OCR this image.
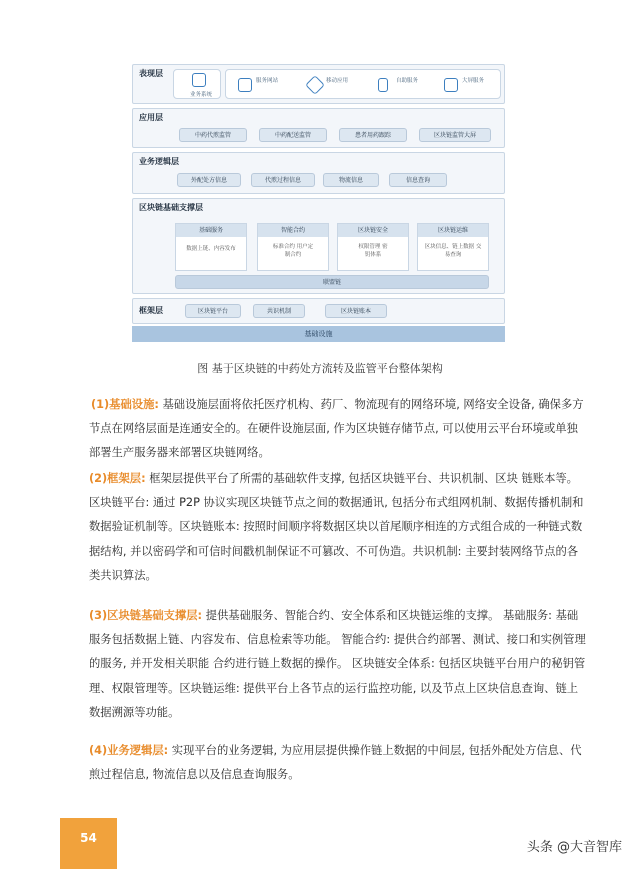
表现层
业务系统
服务网站	移动应用	自助服务	大屏服务
应用层
中药代煎监管	中药配送监管	患者用药跟踪	区块链监管大屏
业务逻辑层
外配处方信息	代煎过程信息	物流信息	信息查询
区块链基础支撑层
基础服务
数据上链、内容发布
智能合约
标准合约 用户定制合约
区块链安全
权限管理 密钥体系
区块链运维
区块信息、链上数据 交易查询
联盟链
框架层	区块链平台	共识机制	区块链账本
基础设施
图 基于区块链的中药处方流转及监管平台整体架构
(1)基础设施: 基础设施层面将依托医疗机构、药厂、物流现有的网络环境, 网络安全设备, 确保多方节点在网络层面是连通安全的。在硬件设施层面, 作为区块链存储节点, 可以使用云平台环境或单独部署生产服务器来部署区块链网络。
(2)框架层: 框架层提供平台了所需的基础软件支撑, 包括区块链平台、共识机制、区块 链账本等。区块链平台: 通过 P2P 协议实现区块链节点之间的数据通讯, 包括分布式组网机制、数据传播机制和数据验证机制等。区块链账本: 按照时间顺序将数据区块以首尾顺序相连的方式组合成的一种链式数据结构, 并以密码学和可信时间戳机制保证不可篡改、不可伪造。共识机制: 主要封装网络节点的各类共识算法。
(3)区块链基础支撑层: 提供基础服务、智能合约、安全体系和区块链运维的支撑。 基础服务: 基础服务包括数据上链、内容发布、信息检索等功能。 智能合约: 提供合约部署、测试、接口和实例管理的服务, 并开发相关职能 合约进行链上数据的操作。 区块链安全体系: 包括区块链平台用户的秘钥管理、权限管理等。区块链运维: 提供平台上各节点的运行监控功能, 以及节点上区块信息查询、链上数据溯源等功能。
(4)业务逻辑层: 实现平台的业务逻辑, 为应用层提供操作链上数据的中间层, 包括外配处方信息、代煎过程信息, 物流信息以及信息查询服务。
54
头条 @大音智库
